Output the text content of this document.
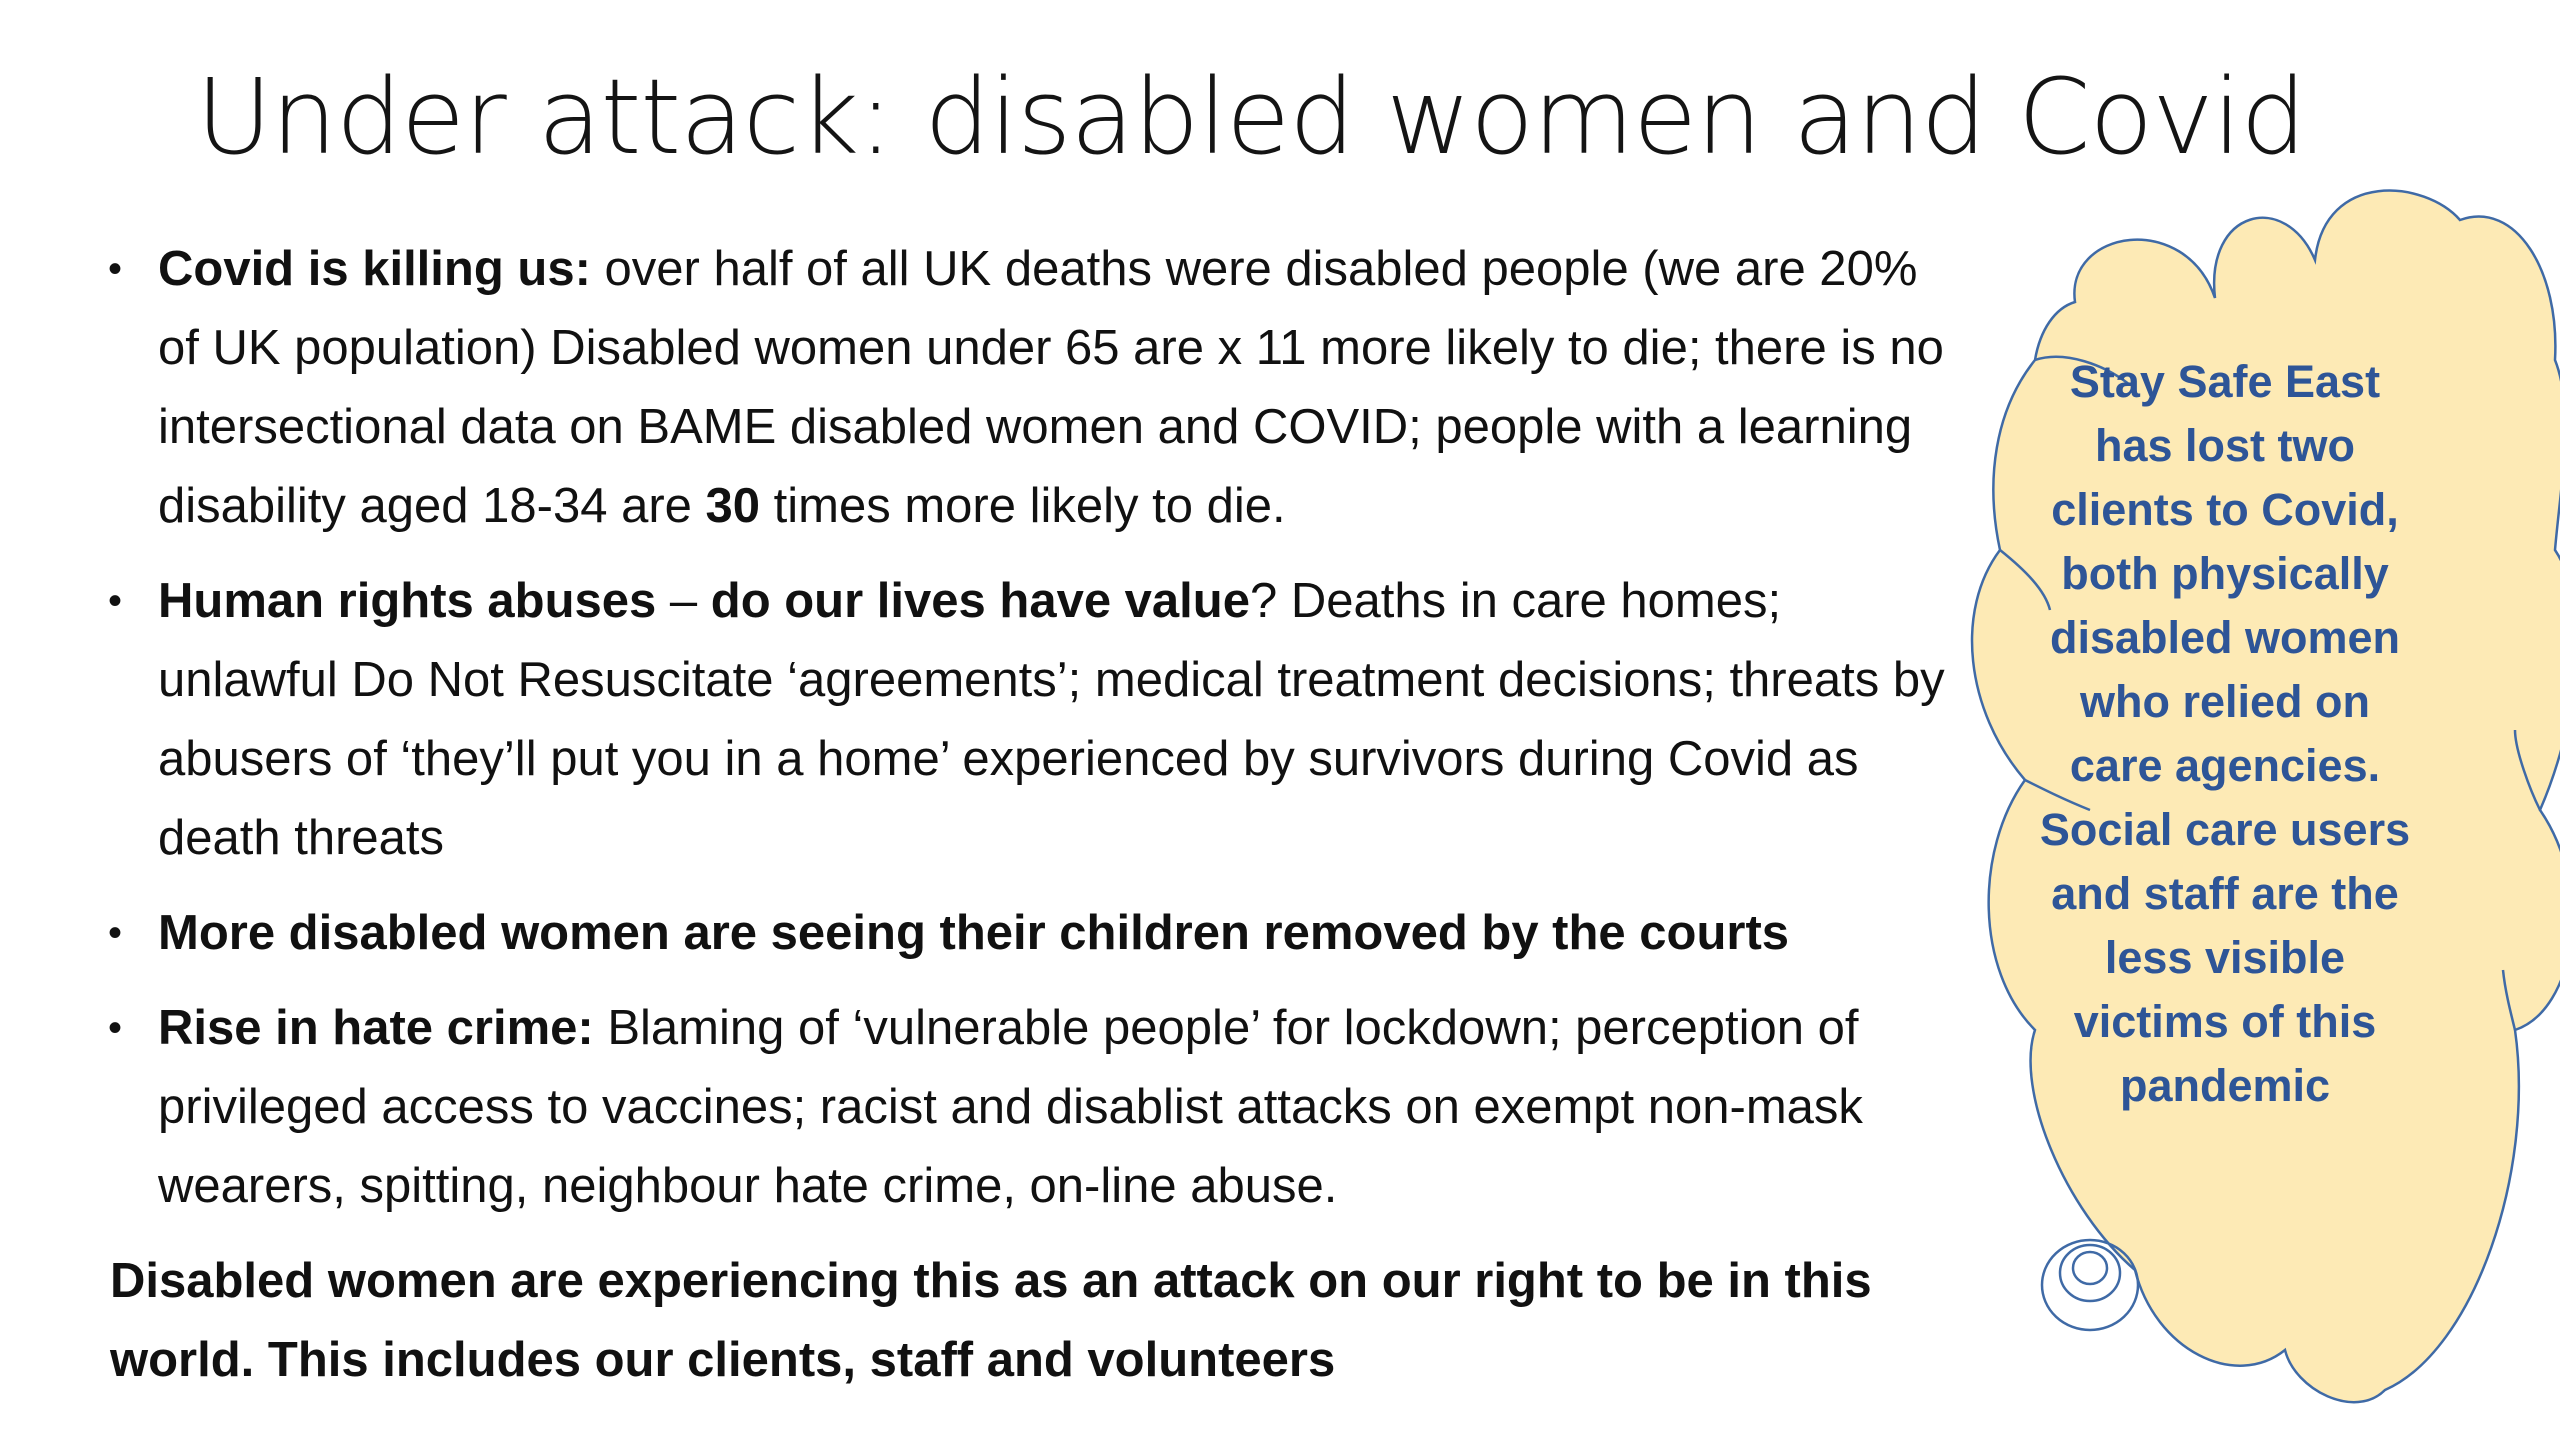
Under attack: disabled women and Covid
• Covid is killing us: over half of all UK deaths were disabled people (we are 20% of UK population) Disabled women under 65 are x 11 more likely to die; there is no intersectional data on BAME disabled women and COVID; people with a learning disability aged 18-34 are 30 times more likely to die.
• Human rights abuses – do our lives have value? Deaths in care homes; unlawful Do Not Resuscitate ‘agreements’; medical treatment decisions; threats by abusers of ‘they’ll put you in a home’ experienced by survivors during Covid as death threats
• More disabled women are seeing their children removed by the courts
• Rise in hate crime: Blaming of ‘vulnerable people’ for lockdown; perception of privileged access to vaccines; racist and disablist attacks on exempt non-mask wearers, spitting, neighbour hate crime, on-line abuse.

Disabled women are experiencing this as an attack on our right to be in this world. This includes our clients, staff and volunteers

Stay Safe East has lost two clients to Covid, both physically disabled women who relied on care agencies. Social care users and staff are the less visible victims of this pandemic
